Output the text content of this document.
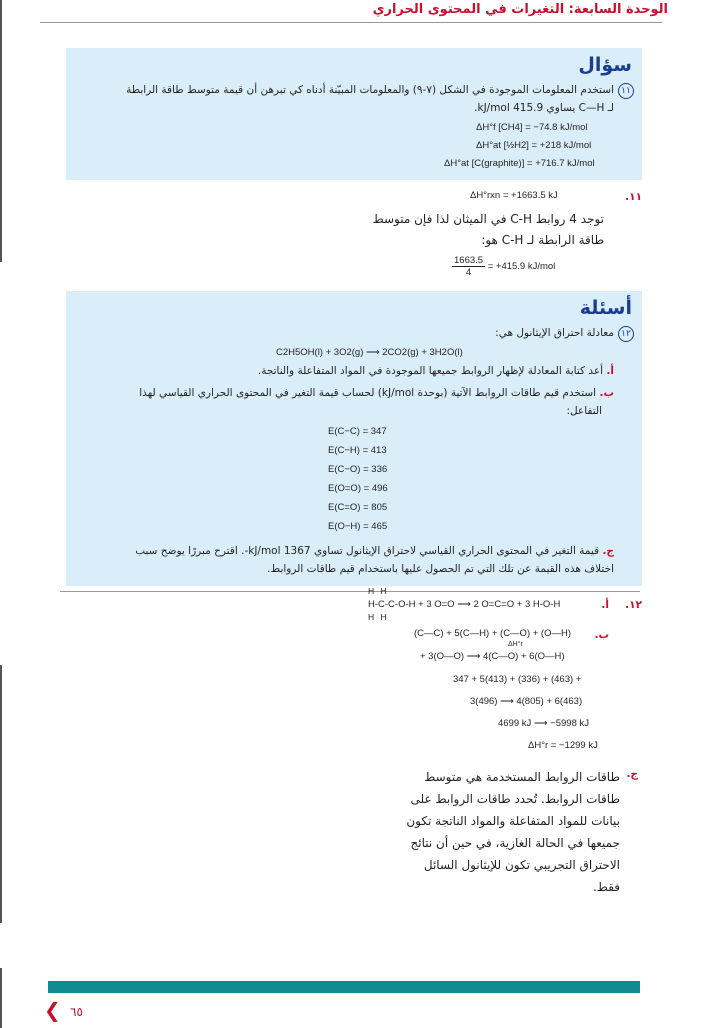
الوحدة السابعة: التغيرات في المحتوى الحراري
سؤال
١١استخدم المعلومات الموجودة في الشكل (٧-٩) والمعلومات المبيّنة أدناه كي تبرهن أن قيمة متوسط طاقة الرابطة
لـ C—H يساوي 415.9 kJ/mol.
ΔH°f [CH4] = −74.8 kJ/mol
ΔH°at [½H2] = +218 kJ/mol
ΔH°at [C(graphite)] = +716.7 kJ/mol
١١.
ΔH°rxn = +1663.5 kJ
توجد 4 روابط C-H في الميثان لذا فإن متوسط
طاقة الرابطة لـ C-H هو:
$\frac{1663.5}{4} = +415.9$ kJ/mol
أسئلة
١٢معادلة احتراق الإيثانول هي:
C2H5OH(l) + 3O2(g) ⟶ 2CO2(g) + 3H2O(l)
أ. أعد كتابة المعادلة لإظهار الروابط جميعها الموجودة في المواد المتفاعلة والناتجة.
ب. استخدم قيم طاقات الروابط الآتية (بوحدة kJ/mol) لحساب قيمة التغير في المحتوى الحراري القياسي لهذا
التفاعل:
E(C−C) = 347
E(C−H) = 413
E(C−O) = 336
E(O=O) = 496
E(C=O) = 805
E(O−H) = 465
ج. قيمة التغير في المحتوى الحراري القياسي لاحتراق الإيثانول تساوي 1367 kJ/mol-. اقترح مبررًا يوضح سبب
اختلاف هذه القيمة عن تلك التي تم الحصول عليها باستخدام قيم طاقات الروابط.
١٢.
أ.
H H
H-C-C-O-H + 3 O=O ⟶ 2 O=C=O + 3 H-O-H
H H
ب.
(C—C) + 5(C—H) + (C—O) + (O—H)
ΔH°r
+ 3(O—O) ⟶ 4(C—O) + 6(O—H)
347 + 5(413) + (336) + (463) +
3(496) ⟶ 4(805) + 6(463)
4699 kJ ⟶ −5998 kJ
ΔH°r = −1299 kJ
ج.
طاقات الروابط المستخدمة هي متوسط
طاقات الروابط. تُحدد طاقات الروابط على
بيانات للمواد المتفاعلة والمواد الناتجة تكون
جميعها في الحالة الغازية، في حين أن نتائج
الاحتراق التجريبي تكون للإيثانول السائل
فقط.
❮ ٦٥
